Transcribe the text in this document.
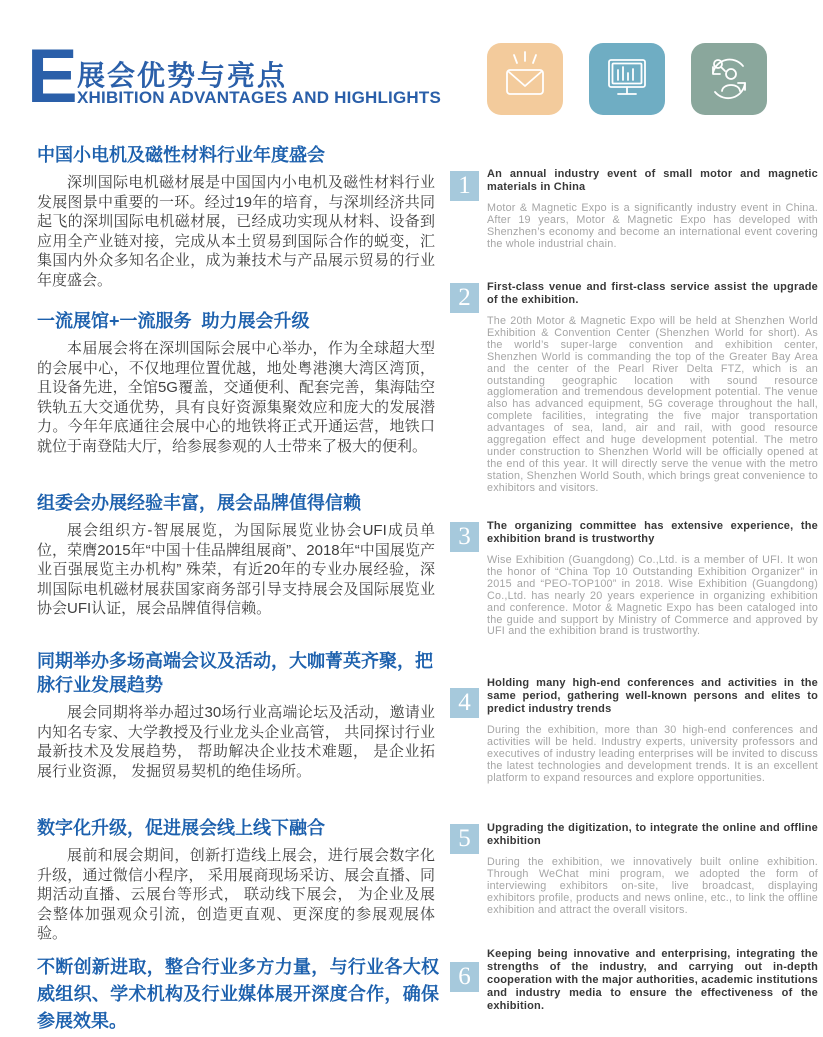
E 展会优势与亮点
XHIBITION ADVANTAGES AND HIGHLIGHTS
中国小电机及磁性材料行业年度盛会

深圳国际电机磁材展是中国国内小电机及磁性材料行业发展图景中重要的一环。经过19年的培育，与深圳经济共同起飞的深圳国际电机磁材展，已经成功实现从材料、设备到应用全产业链对接，完成从本土贸易到国际合作的蜕变，汇集国内外众多知名企业，成为兼技术与产品展示贸易的行业年度盛会。

一流展馆+一流服务  助力展会升级

本届展会将在深圳国际会展中心举办，作为全球超大型的会展中心，不仅地理位置优越，地处粤港澳大湾区湾顶，且设备先进，全馆5G覆盖，交通便利、配套完善，集海陆空铁轨五大交通优势，具有良好资源集聚效应和庞大的发展潜力。今年年底通往会展中心的地铁将正式开通运营，地铁口就位于南登陆大厅，给参展参观的人士带来了极大的便利。

组委会办展经验丰富，展会品牌值得信赖

展会组织方-智展展览，为国际展览业协会UFI成员单位，荣膺2015年“中国十佳品牌组展商”、2018年“中国展览产业百强展览主办机构” 殊荣，有近20年的专业办展经验，深圳国际电机磁材展获国家商务部引导支持展会及国际展览业协会UFI认证，展会品牌值得信赖。

同期举办多场高端会议及活动，大咖菁英齐聚，把脉行业发展趋势

展会同期将举办超过30场行业高端论坛及活动，邀请业内知名专家、大学教授及行业龙头企业高管， 共同探讨行业最新技术及发展趋势， 帮助解决企业技术难题， 是企业拓展行业资源， 发掘贸易契机的绝佳场所。

数字化升级，促进展会线上线下融合

展前和展会期间，创新打造线上展会，进行展会数字化升级，通过微信小程序， 采用展商现场采访、展会直播、同期活动直播、云展台等形式， 联动线下展会， 为企业及展会整体加强观众引流，创造更直观、更深度的参展观展体验。

不断创新进取，整合行业多方力量，与行业各大权威组织、学术机构及行业媒体展开深度合作，确保参展效果。
1	An annual industry event of small motor and magnetic materials in China

Motor & Magnetic Expo is a significantly industry event in China. After 19 years, Motor & Magnetic Expo has developed with Shenzhen’s economy and become an international event covering the whole industrial chain.

2	First-class venue and first-class service assist the upgrade of the exhibition.

The 20th Motor & Magnetic Expo will be held at Shenzhen World Exhibition & Convention Center (Shenzhen World for short). As the world’s super-large convention and exhibition center, Shenzhen World is commanding the top of the Greater Bay Area and the center of the Pearl River Delta FTZ, which is an outstanding geographic location with sound resource agglomeration and tremendous development potential. The venue also has advanced equipment, 5G coverage throughout the hall, complete facilities, integrating the five major transportation advantages of sea, land, air and rail, with good resource aggregation effect and huge development potential. The metro under construction to Shenzhen World will be officially opened at the end of this year. It will directly serve the venue with the metro station, Shenzhen World South, which brings great convenience to exhibitors and visitors.

3	The organizing committee has extensive experience, the exhibition brand is trustworthy

Wise Exhibition (Guangdong) Co.,Ltd. is a member of UFI. It won the honor of “China Top 10 Outstanding Exhibition Organizer” in 2015 and “PEO-TOP100” in 2018. Wise Exhibition (Guangdong) Co.,Ltd. has nearly 20 years experience in organizing exhibition and conference. Motor & Magnetic Expo has been cataloged into the guide and support by Ministry of Commerce and approved by UFI and the exhibition brand is trustworthy.

4

Holding many high-end conferences and activities in the same period, gathering well-known persons and elites to predict industry trends

During the exhibition, more than 30 high-end conferences and activities will be held. Industry experts, university professors and executives of industry leading enterprises will be invited to discuss the latest technologies and development trends. It is an excellent platform to expand resources and explore opportunities.

5	Upgrading the digitization, to integrate the online and offline exhibition

During the exhibition, we innovatively built online exhibition. Through WeChat mini program, we adopted the form of interviewing exhibitors on-site, live broadcast, displaying exhibitors profile, products and news online, etc., to link the offline exhibition and attract the overall visitors.

6

Keeping being innovative and enterprising, integrating the strengths of the industry, and carrying out in-depth cooperation with the major authorities, academic institutions and industry media to ensure the effectiveness of the exhibition.
